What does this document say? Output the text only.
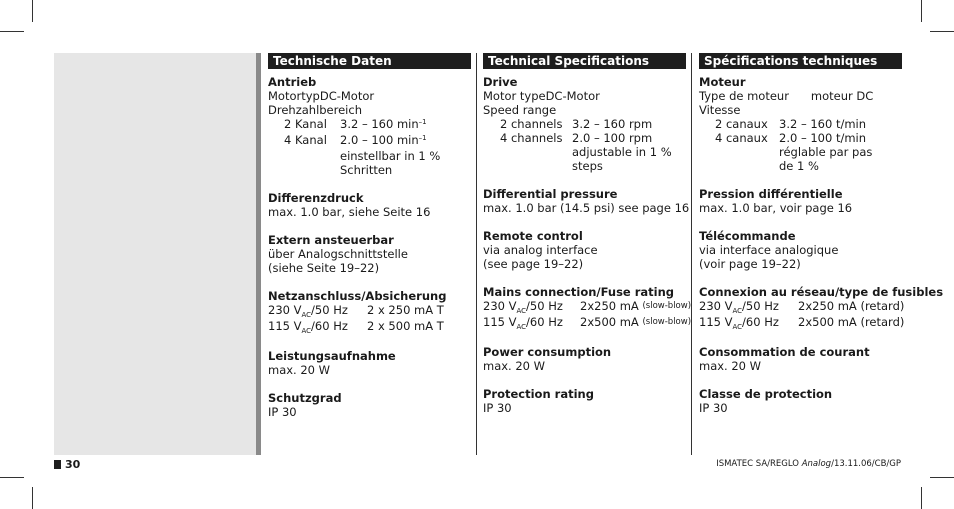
Technische Daten
Antrieb
MotortypDC-Motor
Drehzahlbereich
2 Kanal	3.2 – 160 $\min^{-1}$
4 Kanal	2.0 – 100 $\min^{-1}$
einstellbar in 1 %
Schritten
Differenzdruck
max. 1.0 bar, siehe Seite 16
Extern ansteuerbar
über Analogschnittstelle
(siehe Seite 19–22)
Netzanschluss/Absicherung
230 $V_{AC}/50$ Hz	2 x 250 mA T
115 $V_{AC}/60$ Hz	2 x 500 mA T
Leistungsaufnahme
max. 20 W
Schutzgrad
IP 30
Technical Specifications
Drive
Motor typeDC-Motor
Speed range
2 channels 3.2 – 160 rpm
4 channels 2.0 – 100 rpm
adjustable in 1 %
steps
Differential pressure
max. 1.0 bar (14.5 psi) see page 16
Remote control
via analog interface
(see page 19–22)
Mains connection/Fuse rating
230 $V_{AC}/50$ Hz	2x250 mA
(slow-blow)
115 $V_{AC}/60$ Hz	2x500 mA
(slow-blow)
Power consumption
max. 20 W
Protection rating
IP 30
Spécifications techniques
Moteur
Type de moteur      moteur DC
Vitesse
2 canaux 3.2 – 160 t/min
4 canaux 2.0 – 100 t/min
réglable par pas
de 1 %
Pression différentielle
max. 1.0 bar, voir page 16
Télécommande
via interface analogique
(voir page 19–22)
Connexion au réseau/type de fusibles
230 $V_{AC}/50$ Hz	2x250 mA (retard)
115 $V_{AC}/60$ Hz	2x500 mA (retard)
Consommation de courant
max. 20 W
Classe de protection
IP 30
30	ISMATEC SA/REGLO Analog/13.11.06/CB/GP
